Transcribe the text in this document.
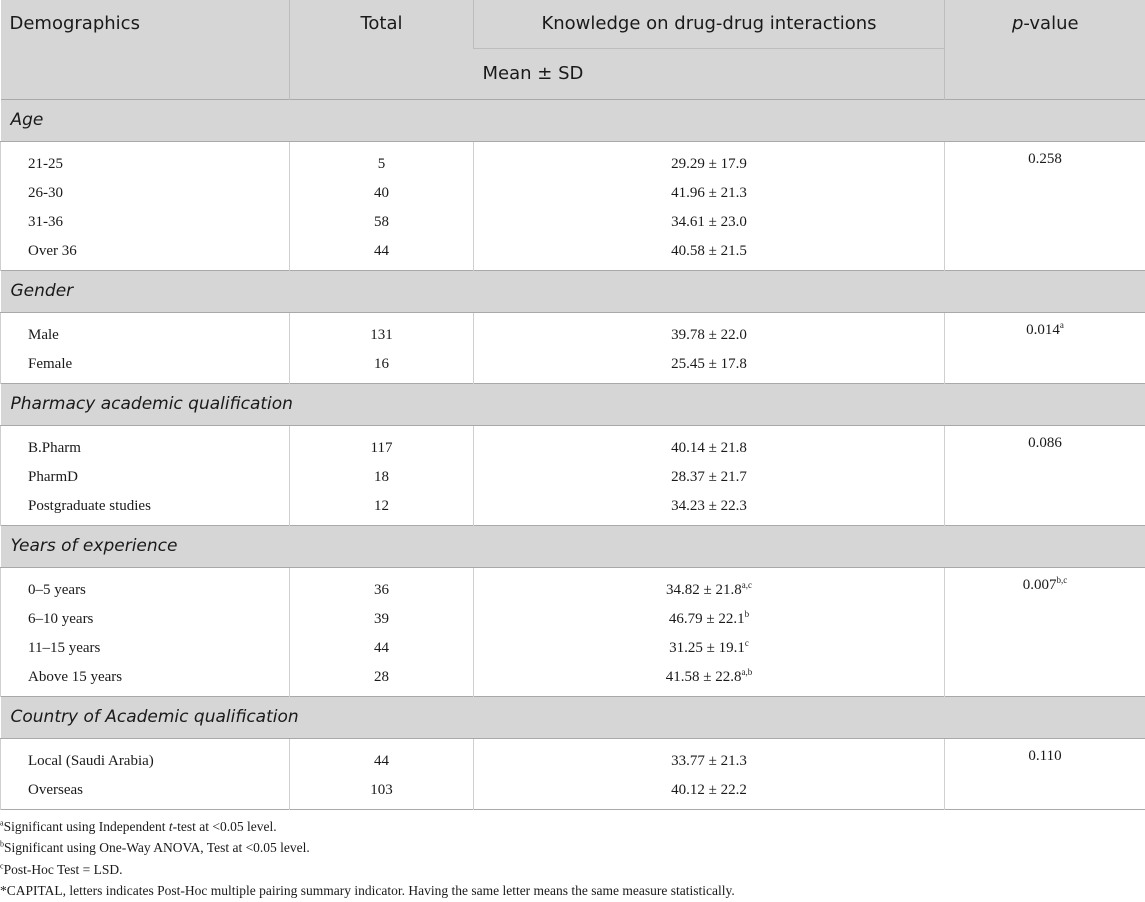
Demographics	Total	Knowledge on drug-drug interactions	p-value
		Mean ± SD	
Age			
21-25	5	29.29 ± 17.9	0.258
26-30	40	41.96 ± 21.3	
31-36	58	34.61 ± 23.0	
Over 36	44	40.58 ± 21.5	
Gender			
Male	131	39.78 ± 22.0	0.014$^a$
Female	16	25.45 ± 17.8	
Pharmacy academic qualification			
B.Pharm	117	40.14 ± 21.8	0.086
PharmD	18	28.37 ± 21.7	
Postgraduate studies	12	34.23 ± 22.3	
Years of experience			
0–5 years	36	$34.82 \pm 21.8^{a,c}$	0.007$^{b,c}$
6–10 years	39	46.79 ± 22.1$^b$
11–15 years	44	31.25 ± 19.1$^c$
Above 15 years	28	$41.58 \pm 22.8^{a,b}$
Country of Academic qualification			
Local (Saudi Arabia)	44	33.77 ± 21.3	0.110
Overseas	103	40.12 ± 22.2	
$^a$Significant using Independent t-test at <0.05 level.
$^b$Significant using One-Way ANOVA, Test at <0.05 level.
$^c$Post-Hoc Test = LSD.
*CAPITAL, letters indicates Post-Hoc multiple pairing summary indicator. Having the same letter means the same measure statistically.
